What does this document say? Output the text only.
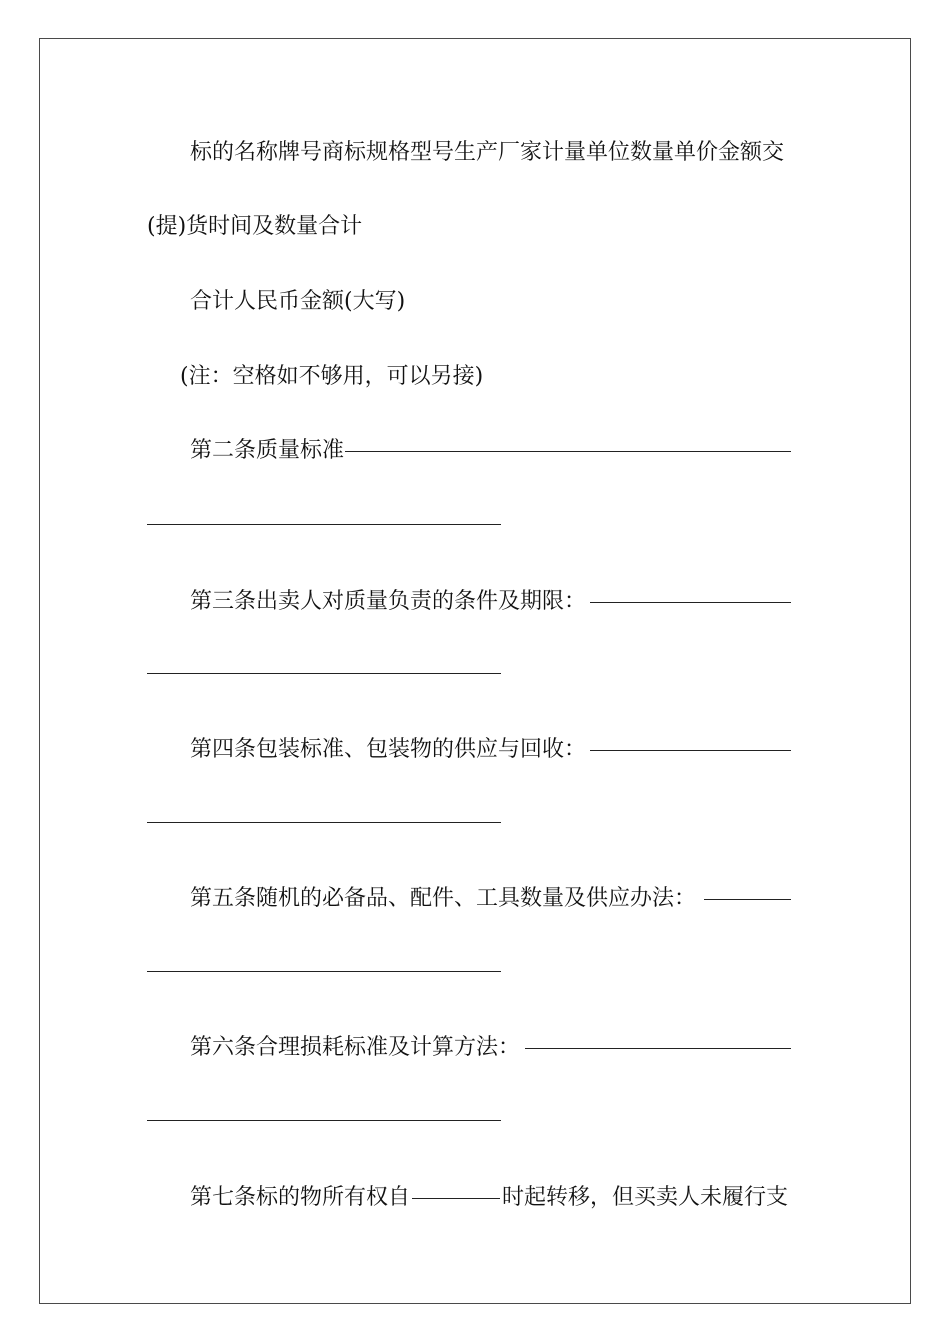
标的名称牌号商标规格型号生产厂家计量单位数量单价金额交
(提)货时间及数量合计
合计人民币金额(大写)
(注：空格如不够用，可以另接)
第二条质量标准
第三条出卖人对质量负责的条件及期限：
第四条包装标准、包装物的供应与回收：
第五条随机的必备品、配件、工具数量及供应办法：
第六条合理损耗标准及计算方法：
第七条标的物所有权自	时起转移，但买卖人未履行支
